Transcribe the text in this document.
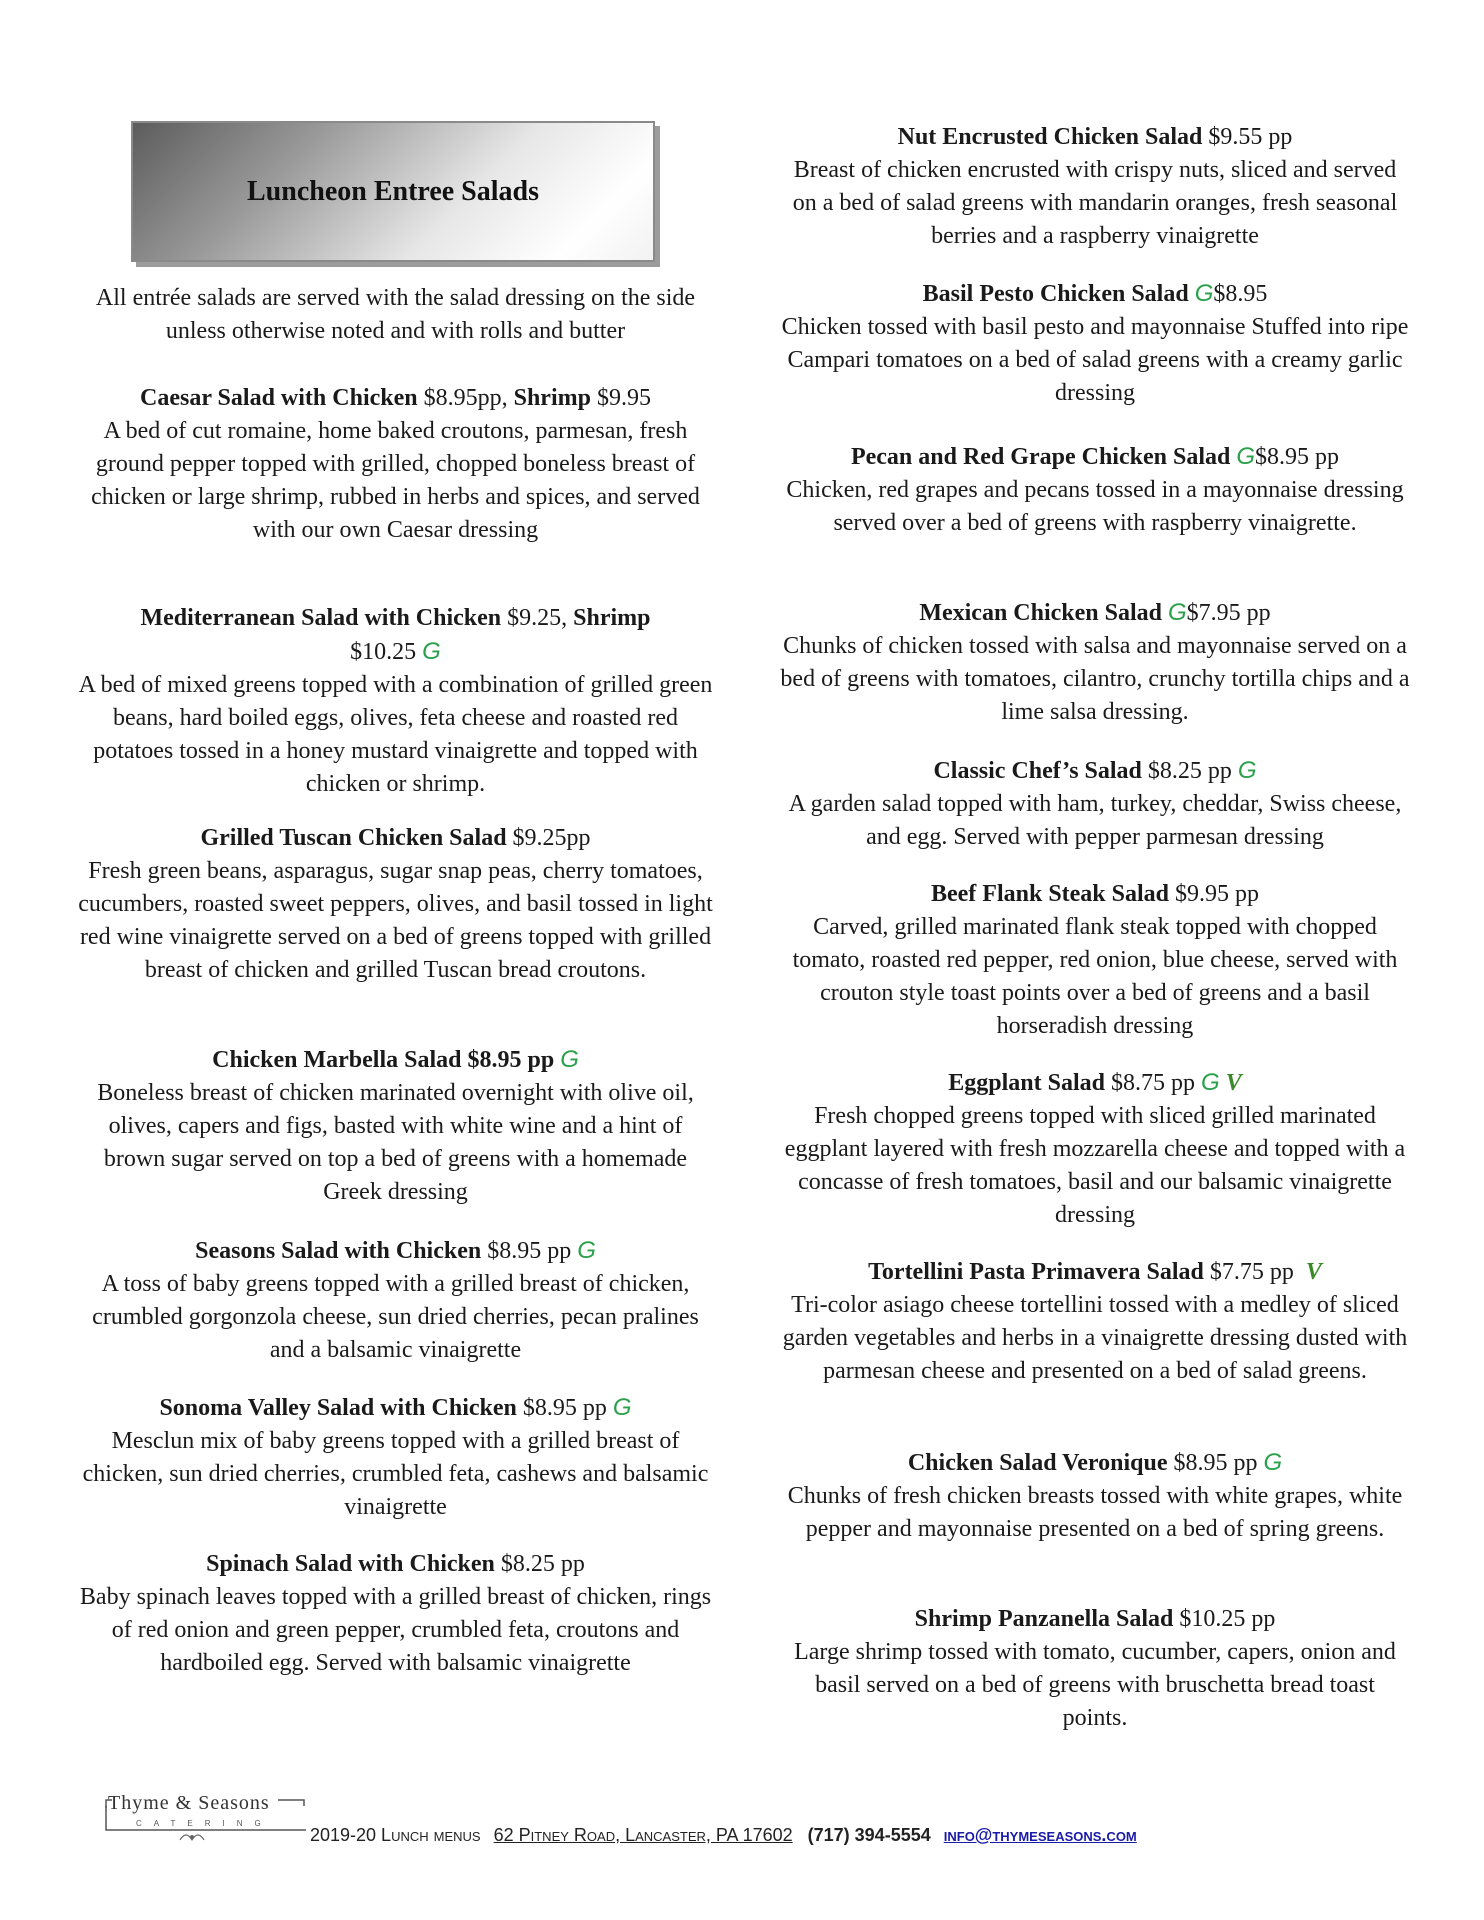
Luncheon Entree Salads
All entrée salads are served with the salad dressing on the side unless otherwise noted and with rolls and butter
Caesar Salad with Chicken $8.95pp, Shrimp $9.95
A bed of cut romaine, home baked croutons, parmesan, fresh ground pepper topped with grilled, chopped boneless breast of chicken or large shrimp, rubbed in herbs and spices, and served with our own Caesar dressing
Mediterranean Salad with Chicken $9.25, Shrimp
$10.25 G
A bed of mixed greens topped with a combination of grilled green beans, hard boiled eggs, olives, feta cheese and roasted red potatoes tossed in a honey mustard vinaigrette and topped with chicken or shrimp.
Grilled Tuscan Chicken Salad $9.25pp
Fresh green beans, asparagus, sugar snap peas, cherry tomatoes, cucumbers, roasted sweet peppers, olives, and basil tossed in light red wine vinaigrette served on a bed of greens topped with grilled breast of chicken and grilled Tuscan bread croutons.
Chicken Marbella Salad $8.95 pp G
Boneless breast of chicken marinated overnight with olive oil, olives, capers and figs, basted with white wine and a hint of brown sugar served on top a bed of greens with a homemade Greek dressing
Seasons Salad with Chicken $8.95 pp G
A toss of baby greens topped with a grilled breast of chicken, crumbled gorgonzola cheese, sun dried cherries, pecan pralines and a balsamic vinaigrette
Sonoma Valley Salad with Chicken $8.95 pp G
Mesclun mix of baby greens topped with a grilled breast of chicken, sun dried cherries, crumbled feta, cashews and balsamic vinaigrette
Spinach Salad with Chicken $8.25 pp
Baby spinach leaves topped with a grilled breast of chicken, rings of red onion and green pepper, crumbled feta, croutons and hardboiled egg. Served with balsamic vinaigrette
Nut Encrusted Chicken Salad $9.55 pp
Breast of chicken encrusted with crispy nuts, sliced and served on a bed of salad greens with mandarin oranges, fresh seasonal berries and a raspberry vinaigrette
Basil Pesto Chicken Salad G$8.95
Chicken tossed with basil pesto and mayonnaise Stuffed into ripe Campari tomatoes on a bed of salad greens with a creamy garlic dressing
Pecan and Red Grape Chicken Salad G$8.95 pp
Chicken, red grapes and pecans tossed in a mayonnaise dressing served over a bed of greens with raspberry vinaigrette.
Mexican Chicken Salad G$7.95 pp
Chunks of chicken tossed with salsa and mayonnaise served on a bed of greens with tomatoes, cilantro, crunchy tortilla chips and a lime salsa dressing.
Classic Chef’s Salad $8.25 pp G
A garden salad topped with ham, turkey, cheddar, Swiss cheese, and egg. Served with pepper parmesan dressing
Beef Flank Steak Salad $9.95 pp
Carved, grilled marinated flank steak topped with chopped tomato, roasted red pepper, red onion, blue cheese, served with crouton style toast points over a bed of greens and a basil horseradish dressing
Eggplant Salad $8.75 pp G V
Fresh chopped greens topped with sliced grilled marinated eggplant layered with fresh mozzarella cheese and topped with a concasse of fresh tomatoes, basil and our balsamic vinaigrette dressing
Tortellini Pasta Primavera Salad $7.75 pp V
Tri-color asiago cheese tortellini tossed with a medley of sliced garden vegetables and herbs in a vinaigrette dressing dusted with parmesan cheese and presented on a bed of salad greens.
Chicken Salad Veronique $8.95 pp G
Chunks of fresh chicken breasts tossed with white grapes, white pepper and mayonnaise presented on a bed of spring greens.
Shrimp Panzanella Salad $10.25 pp
Large shrimp tossed with tomato, cucumber, capers, onion and basil served on a bed of greens with bruschetta bread toast points.
Thyme & Seasons
CATERING
2019-20 Lunch menus 62 Pitney Road, Lancaster, PA 17602 (717) 394-5554 info@thymeseasons.com
